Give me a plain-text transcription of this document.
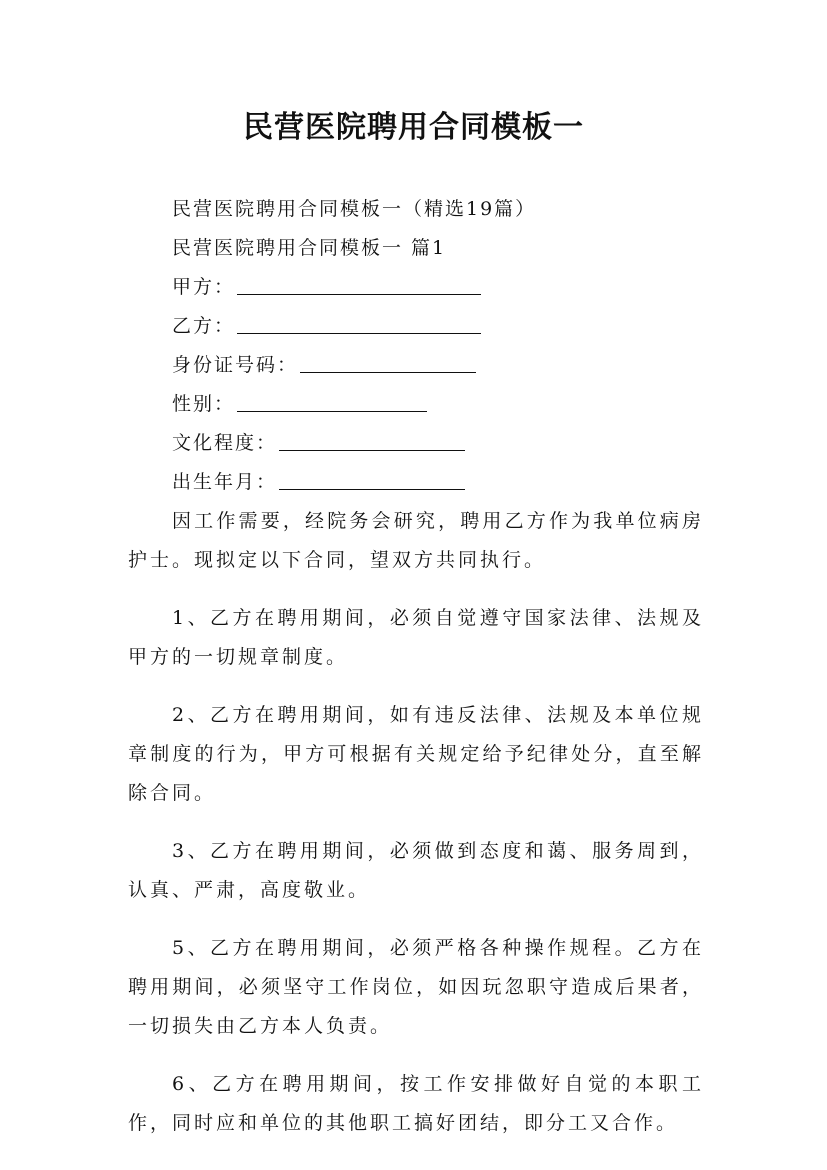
民营医院聘用合同模板一
民营医院聘用合同模板一（精选19篇）
民营医院聘用合同模板一 篇1
甲方：
乙方：
身份证号码：
性别：
文化程度：
出生年月：

因工作需要，经院务会研究，聘用乙方作为我单位病房护士。现拟定以下合同，望双方共同执行。

1、乙方在聘用期间，必须自觉遵守国家法律、法规及甲方的一切规章制度。

2、乙方在聘用期间，如有违反法律、法规及本单位规章制度的行为，甲方可根据有关规定给予纪律处分，直至解除合同。

3、乙方在聘用期间，必须做到态度和蔼、服务周到，认真、严肃，高度敬业。

5、乙方在聘用期间，必须严格各种操作规程。乙方在聘用期间，必须坚守工作岗位，如因玩忽职守造成后果者，一切损失由乙方本人负责。

6、乙方在聘用期间，按工作安排做好自觉的本职工作，同时应和单位的其他职工搞好团结，即分工又合作。
